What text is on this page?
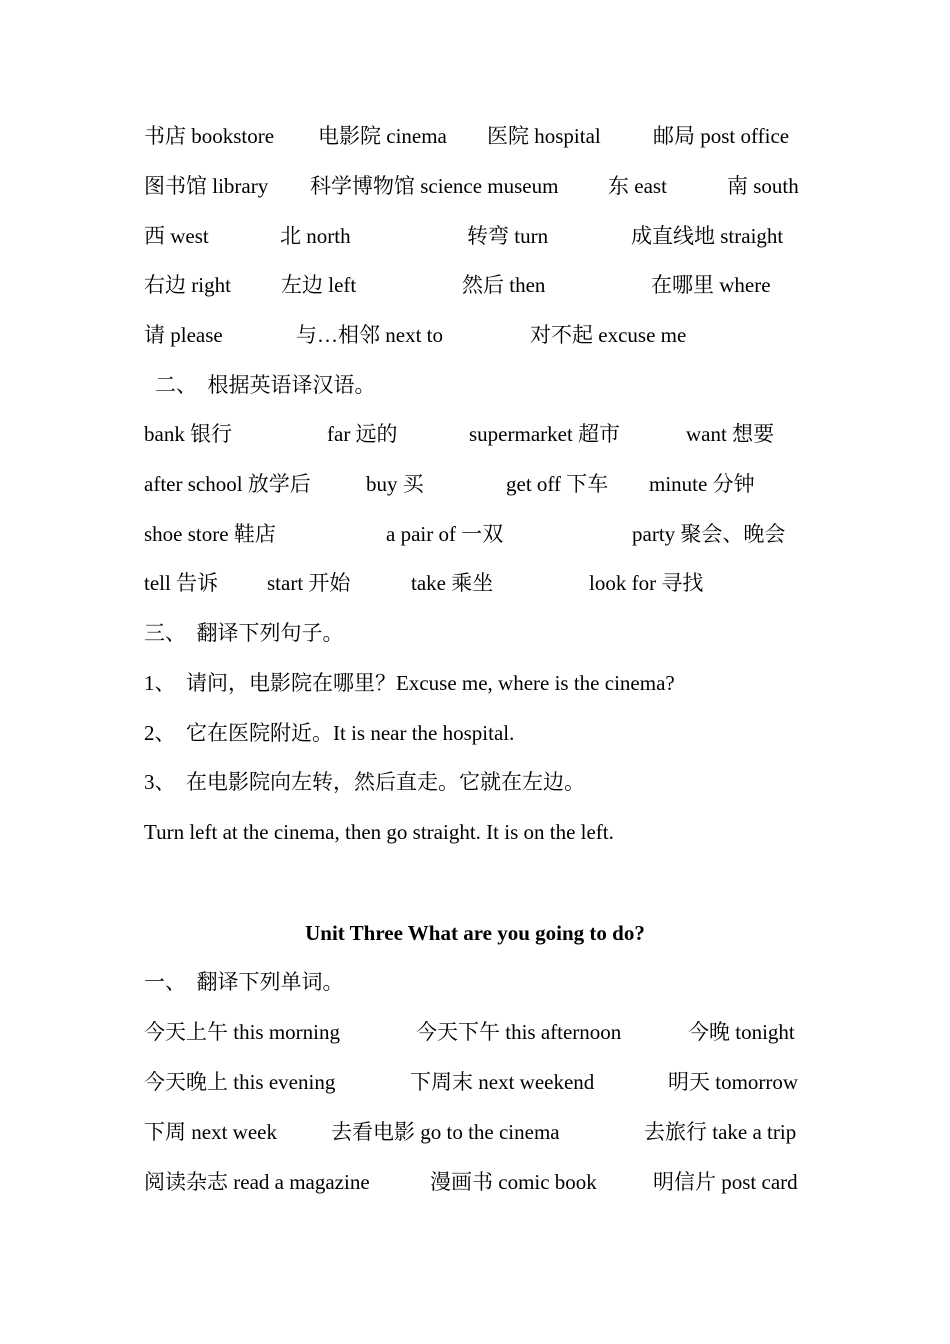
书店 bookstore 电影院 cinema 医院 hospital 邮局 post office
图书馆 library 科学博物馆 science museum 东 east	南 south
西 west	北 north	转弯 turn	成直线地 straight
右边 right 左边 left	然后 then	在哪里 where
请 please	与…相邻 next to	对不起 excuse me
二、　根据英语译汉语。
bank 银行	far 远的	supermarket 超市	want 想要
after school 放学后	buy 买	get off 下车 minute 分钟
shoe store 鞋店	a pair of 一双	party 聚会、晚会
tell 告诉 start 开始	take 乘坐	look for 寻找
三、　翻译下列句子。
1、　请问，电影院在哪里？Excuse me, where is the cinema?
2、　它在医院附近。It is near the hospital.
3、　在电影院向左转，然后直走。它就在左边。
Turn left at the cinema, then go straight. It is on the left.
Unit Three What are you going to do?
一、　翻译下列单词。
今天上午 this morning	今天下午 this afternoon	今晚 tonight
今天晚上 this evening	下周末 next weekend	明天 tomorrow
下周 next week	去看电影 go to the cinema	去旅行 take a trip
阅读杂志 read a magazine	漫画书 comic book	明信片 post card
